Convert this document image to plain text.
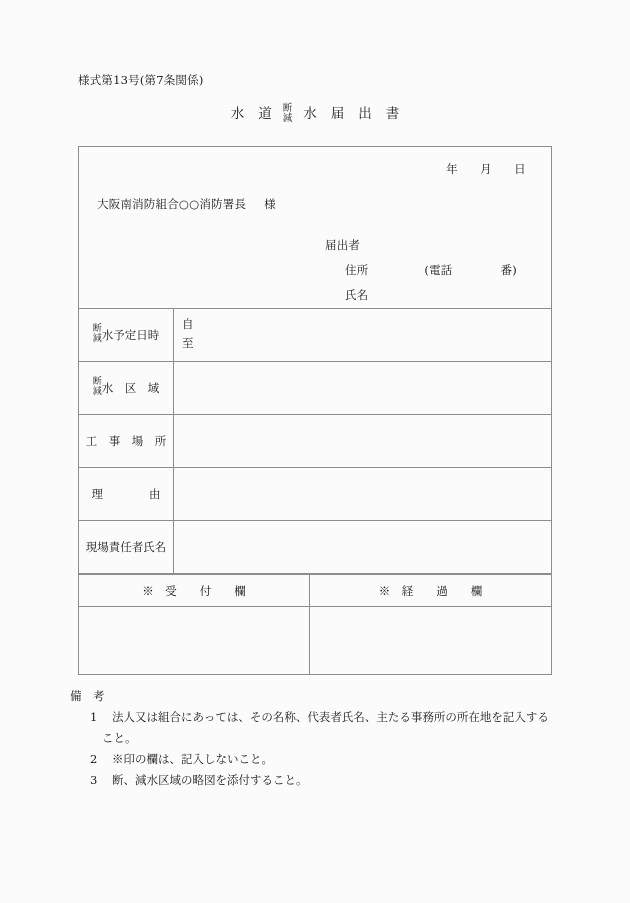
様式第13号(第7条関係)
水 道 断
減 水 届 出 書
年 月 日
大阪南消防組合○○消防署長 様
届出者
住所	(電話	番)
氏名
断
減 水予定日時
自
至
断
減 水　区　域
工　事　場　所
理　　　　由
現場責任者氏名
※　受　　付　　欄	※　経　　過　　欄
備　考
1	法人又は組合にあっては、その名称、代表者氏名、主たる事務所の所在地を記入する
こと。
2	※印の欄は、記入しないこと。
3	断、減水区域の略図を添付すること。
